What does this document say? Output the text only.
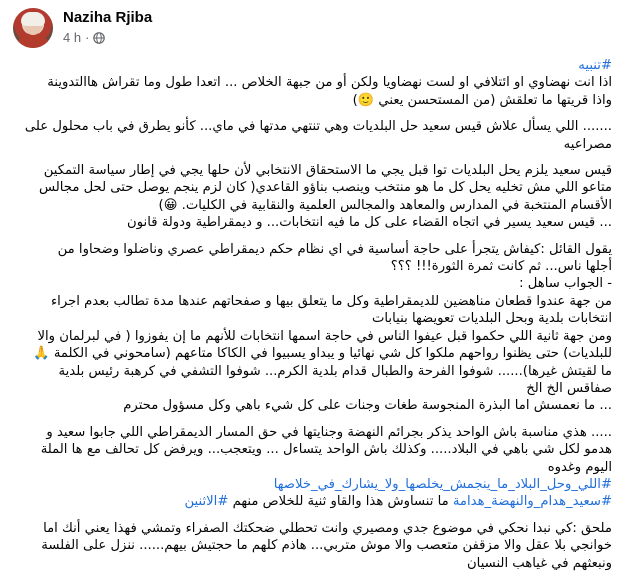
Naziha Rjiba
4 h ·
#تنبيه
اذا انت نهضاوي او ائتلافي او لست نهضاويا ولكن أو من جبهة الخلاص ... اتعدا طول وما تقراش هاالتدوينة
واذا قريتها ما تعلقش (من المستحسن يعني 🙂)
....... اللي يسأل علاش قيس سعيد حل البلديات وهي تنتهي مدتها في ماي... كأنو يطرق في باب محلول على
مصراعيه
قيس سعيد يلزم يحل البلديات توا قبل يجي ما الاستحقاق الانتخابي لأن حلها يجي في إطار سياسة التمكين
متاعو اللي مش تخليه يحل كل ما هو منتخب وينصب بناؤو القاعدي( كان لزم ينجم يوصل حتى لحل مجالس
الأقسام المنتخبة في المدارس والمعاهد والمجالس العلمية والنقابية في الكليات. 😀)
... قيس سعيد يسير في اتجاه القضاء على كل ما فيه انتخابات... و ديمقراطية ودولة قانون
يقول القائل :كيفاش يتجرأ على حاجة أساسية في اي نظام حكم ديمقراطي عصري وناضلوا وضحاوا من
أجلها ناس... ثم كانت ثمرة الثورة!!! ؟؟؟
- الجواب ساهل :
من جهة عندوا قطعان مناهضين للديمقراطية وكل ما يتعلق بيها و صفحاتهم عندها مدة تطالب بعدم اجراء
انتخابات بلدية وبحل البلديات تعويضها بنيابات
ومن جهة ثانية اللي حكموا قبل عيفوا الناس في حاجة اسمها انتخابات للأنهم ما إن يفوزوا ( في لبرلمان والا
للبلديات) حتى يظنوا رواحهم ملكوا كل شي نهائيا و يبداو يسبيوا في الكاكا متاعهم (سامحوني في الكلمة 🙏
ما لقيتش غيرها)...... شوفوا الفرحة والطبال قدام بلدية الكرم... شوفوا التشفي في كرهبة رئيس بلدية
صفاقس الخ الخ
... ما نعمسش اما البذرة المنجوسة طغات وجنات على كل شيء باهي وكل مسؤول محترم
..... هذي مناسبة باش الواحد يذكر بجرائم النهضة وجنايتها في حق المسار الديمقراطي اللي جابوا سعيد و
هدمو لكل شي باهي في البلاد..... وكذلك باش الواحد يتساءل ... ويتعجب... ويرفض كل تحالف مع ها الملة
اليوم وغدوه
#اللي_وحل_البلاد_ما_ينجمش_يخلصها_ولا_يشارك_في_خلاصها
#سعيد_هدام_والنهضة_هدامة ما تنساوش هذا والقاو ثنية للخلاص منهم #الاثنين
ملحق :كي نبدا نحكي في موضوع جدي ومصيري وانت تحطلي ضحكتك الصفراء وتمشي فهذا يعني أنك اما
خوانجي بلا عقل والا مزقفن متعصب والا موش متربي... هاذم كلهم ما حجتيش بيهم...... ننزل على الفلسة
ونبعثهم في غياهب النسيان
